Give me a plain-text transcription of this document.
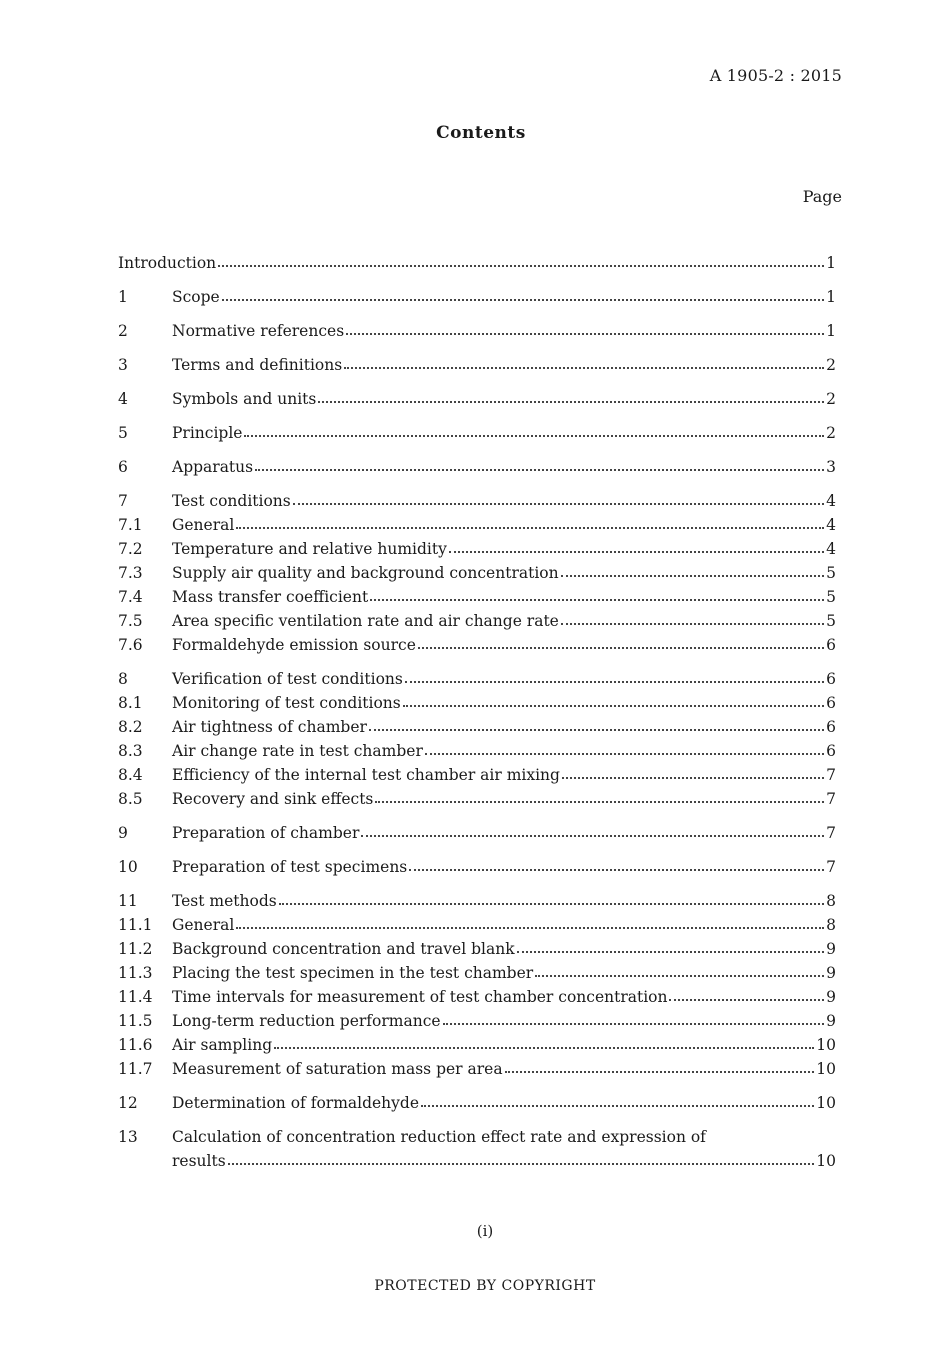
A 1905-2 : 2015
Contents
Page
Introduction	1
1	Scope	1
2	Normative references	1
3	Terms and definitions	2
4	Symbols and units	2
5	Principle	2
6	Apparatus	3
7	Test conditions	4
7.1	General	4
7.2	Temperature and relative humidity	4
7.3	Supply air quality and background concentration	5
7.4	Mass transfer coefficient	5
7.5	Area specific ventilation rate and air change rate	5
7.6	Formaldehyde emission source	6
8	Verification of test conditions	6
8.1	Monitoring of test conditions	6
8.2	Air tightness of chamber	6
8.3	Air change rate in test chamber	6
8.4	Efficiency of the internal test chamber air mixing	7
8.5	Recovery and sink effects	7
9	Preparation of chamber	7
10	Preparation of test specimens	7
11	Test methods	8
11.1	General	8
11.2	Background concentration and travel blank	9
11.3	Placing the test specimen in the test chamber	9
11.4	Time intervals for measurement of test chamber concentration	9
11.5	Long-term reduction performance	9
11.6	Air sampling	10
11.7	Measurement of saturation mass per area	10
12	Determination of formaldehyde	10
13	Calculation of concentration reduction effect rate and expression of
results	10
(i)
PROTECTED BY COPYRIGHT
